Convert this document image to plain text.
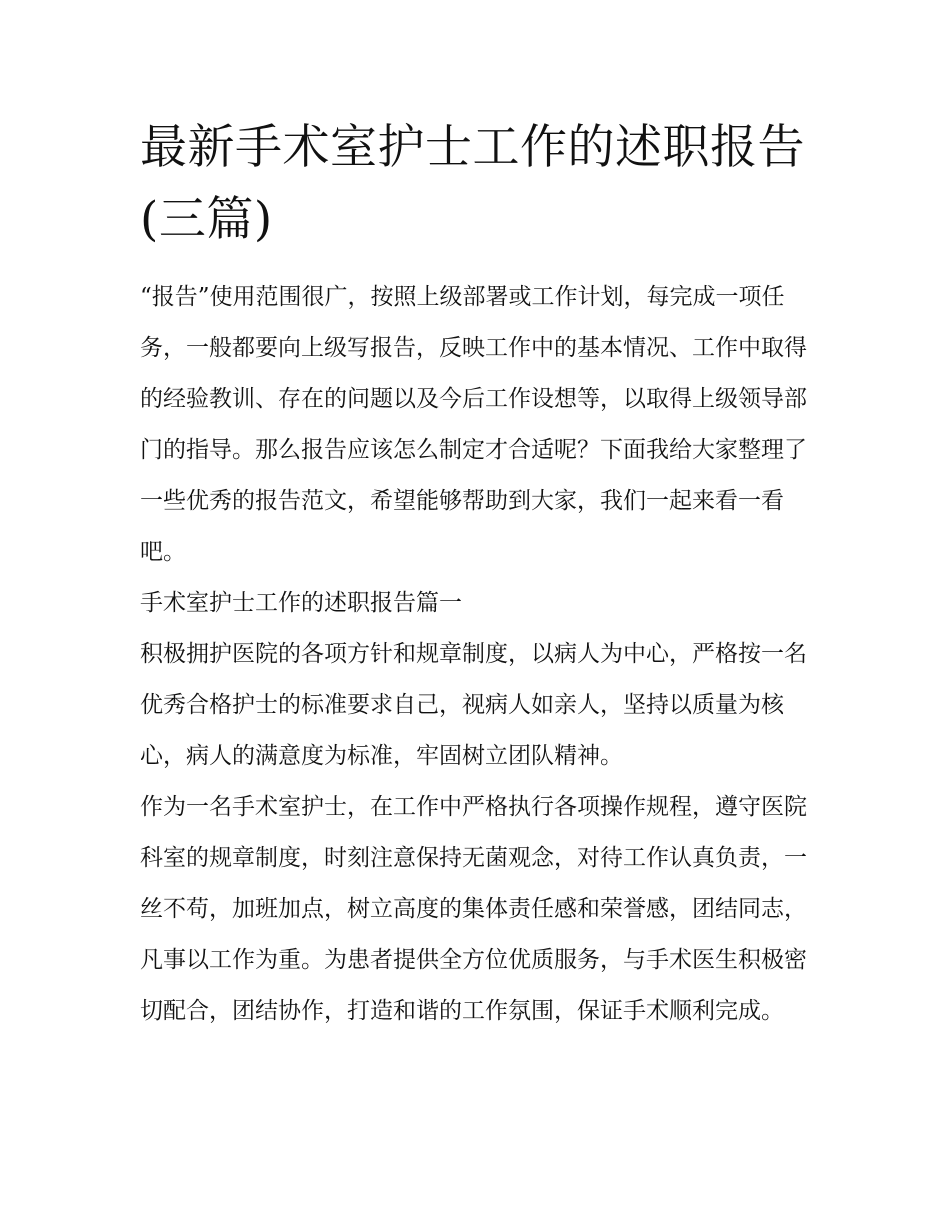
最新手术室护士工作的述职报告(三篇)

“报告”使用范围很广，按照上级部署或工作计划，每完成一项任务，一般都要向上级写报告，反映工作中的基本情况、工作中取得的经验教训、存在的问题以及今后工作设想等，以取得上级领导部门的指导。那么报告应该怎么制定才合适呢？下面我给大家整理了一些优秀的报告范文，希望能够帮助到大家，我们一起来看一看吧。

手术室护士工作的述职报告篇一

积极拥护医院的各项方针和规章制度，以病人为中心，严格按一名优秀合格护士的标准要求自己，视病人如亲人，坚持以质量为核心，病人的满意度为标准，牢固树立团队精神。

作为一名手术室护士，在工作中严格执行各项操作规程，遵守医院科室的规章制度，时刻注意保持无菌观念，对待工作认真负责，一丝不苟，加班加点，树立高度的集体责任感和荣誉感，团结同志，凡事以工作为重。为患者提供全方位优质服务，与手术医生积极密切配合，团结协作，打造和谐的工作氛围，保证手术顺利完成。
